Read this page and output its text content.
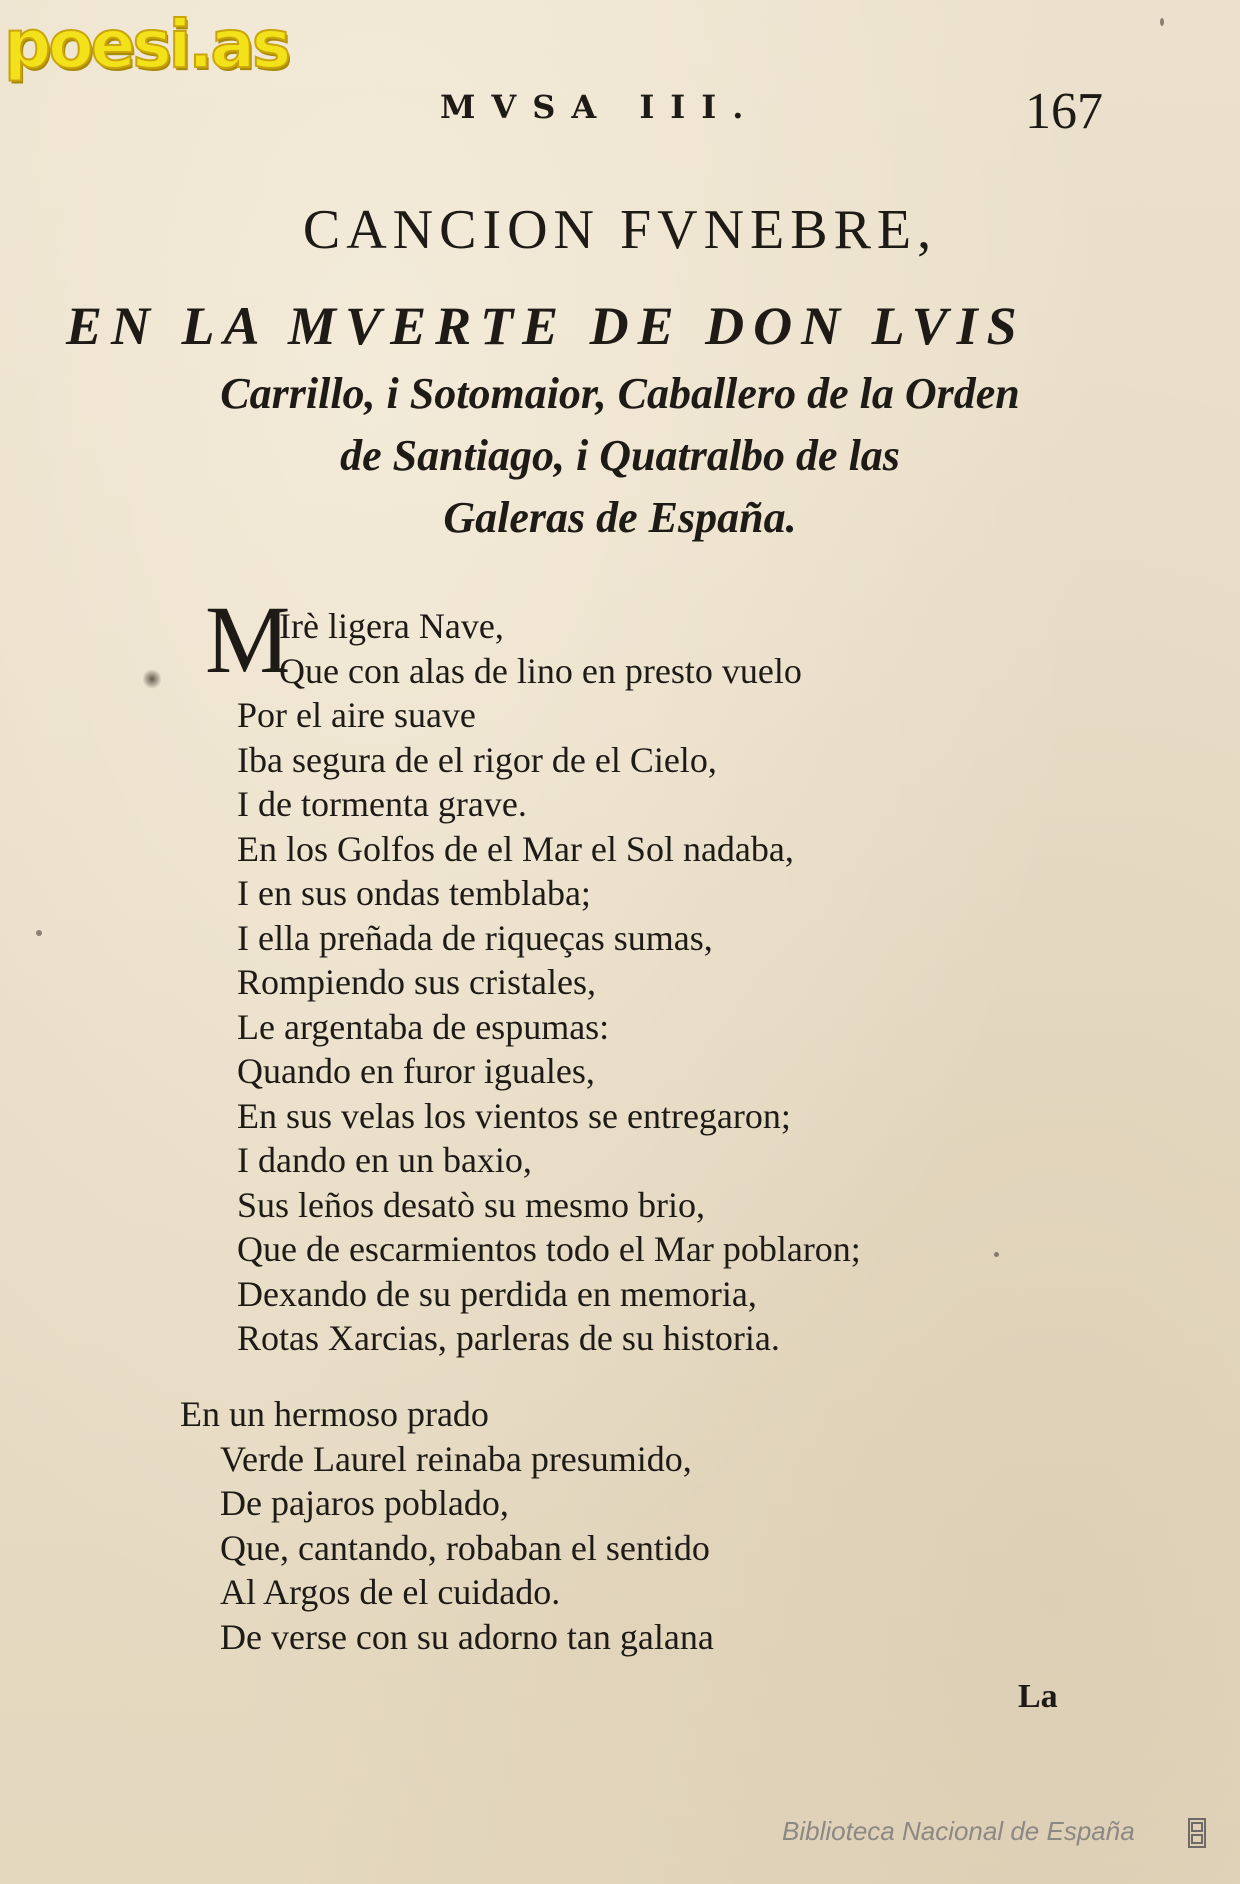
poesi.as
MVSA III.	167
CANCION FVNEBRE,
EN LA MVERTE DE DON LVIS
Carrillo, i Sotomaior, Caballero de la Orden
de Santiago, i Quatralbo de las
Galeras de España.
M
Irè ligera Nave,
Que con alas de lino en presto vuelo
Por el aire suave
Iba segura de el rigor de el Cielo,
I de tormenta grave.
En los Golfos de el Mar el Sol nadaba,
I en sus ondas temblaba;
I ella preñada de riqueças sumas,
Rompiendo sus cristales,
Le argentaba de espumas:
Quando en furor iguales,
En sus velas los vientos se entregaron;
I dando en un baxio,
Sus leños desatò su mesmo brio,
Que de escarmientos todo el Mar poblaron;
Dexando de su perdida en memoria,
Rotas Xarcias, parleras de su historia.
En un hermoso prado
Verde Laurel reinaba presumido,
De pajaros poblado,
Que, cantando, robaban el sentido
Al Argos de el cuidado.
De verse con su adorno tan galana
La
Biblioteca Nacional de España
